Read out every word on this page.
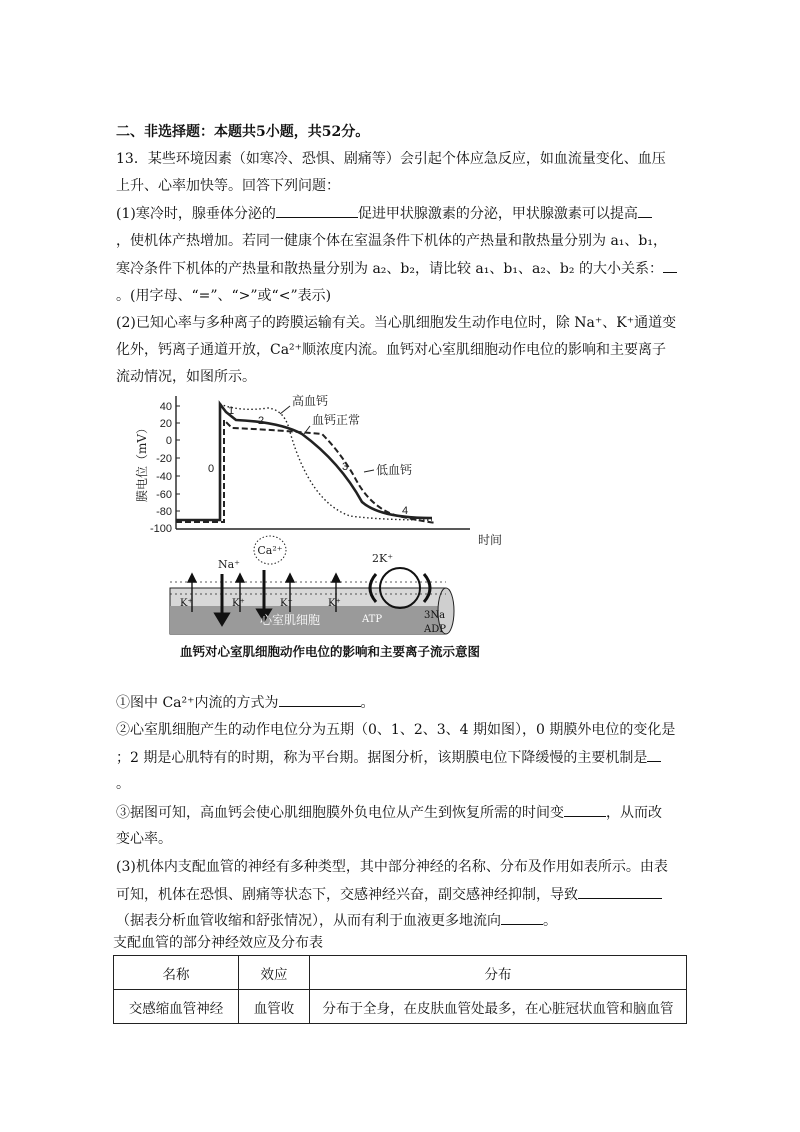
二、非选择题：本题共5小题，共52分。
13．某些环境因素（如寒冷、恐惧、剧痛等）会引起个体应急反应，如血流量变化、血压
上升、心率加快等。回答下列问题：
(1)寒冷时，腺垂体分泌的	促进甲状腺激素的分泌，甲状腺激素可以提高
，使机体产热增加。若同一健康个体在室温条件下机体的产热量和散热量分别为 a₁、b₁，
寒冷条件下机体的产热量和散热量分别为 a₂、b₂，请比较 a₁、b₁、a₂、b₂ 的大小关系：
。(用字母、“=”、“>”或“<”表示)
(2)已知心率与多种离子的跨膜运输有关。当心肌细胞发生动作电位时，除 Na⁺、K⁺通道变
化外，钙离子通道开放，Ca²⁺顺浓度内流。血钙对心室肌细胞动作电位的影响和主要离子
流动情况，如图所示。
40
20
0
-20
-40
-60
-80
-100
膜电位（mV）
时间
0
1
2
3
4
高血钙
血钙正常
低血钙
Ca²⁺
Na⁺	2K⁺
K⁺	K⁺	K⁺	K⁺
ATP	3Na
ADP
心室肌细胞
血钙对心室肌细胞动作电位的影响和主要离子流示意图
①图中 Ca²⁺内流的方式为	。
②心室肌细胞产生的动作电位分为五期（0、1、2、3、4 期如图），0 期膜外电位的变化是
；2 期是心肌特有的时期，称为平台期。据图分析，该期膜电位下降缓慢的主要机制是
。
③据图可知，高血钙会使心肌细胞膜外负电位从产生到恢复所需的时间变	，从而改
变心率。
(3)机体内支配血管的神经有多种类型，其中部分神经的名称、分布及作用如表所示。由表
可知，机体在恐惧、剧痛等状态下，交感神经兴奋，副交感神经抑制，导致
（据表分析血管收缩和舒张情况），从而有利于血液更多地流向	。
支配血管的部分神经效应及分布表
名称	效应	分布
交感缩血管神经	血管收	分布于全身，在皮肤血管处最多，在心脏冠状血管和脑血管
